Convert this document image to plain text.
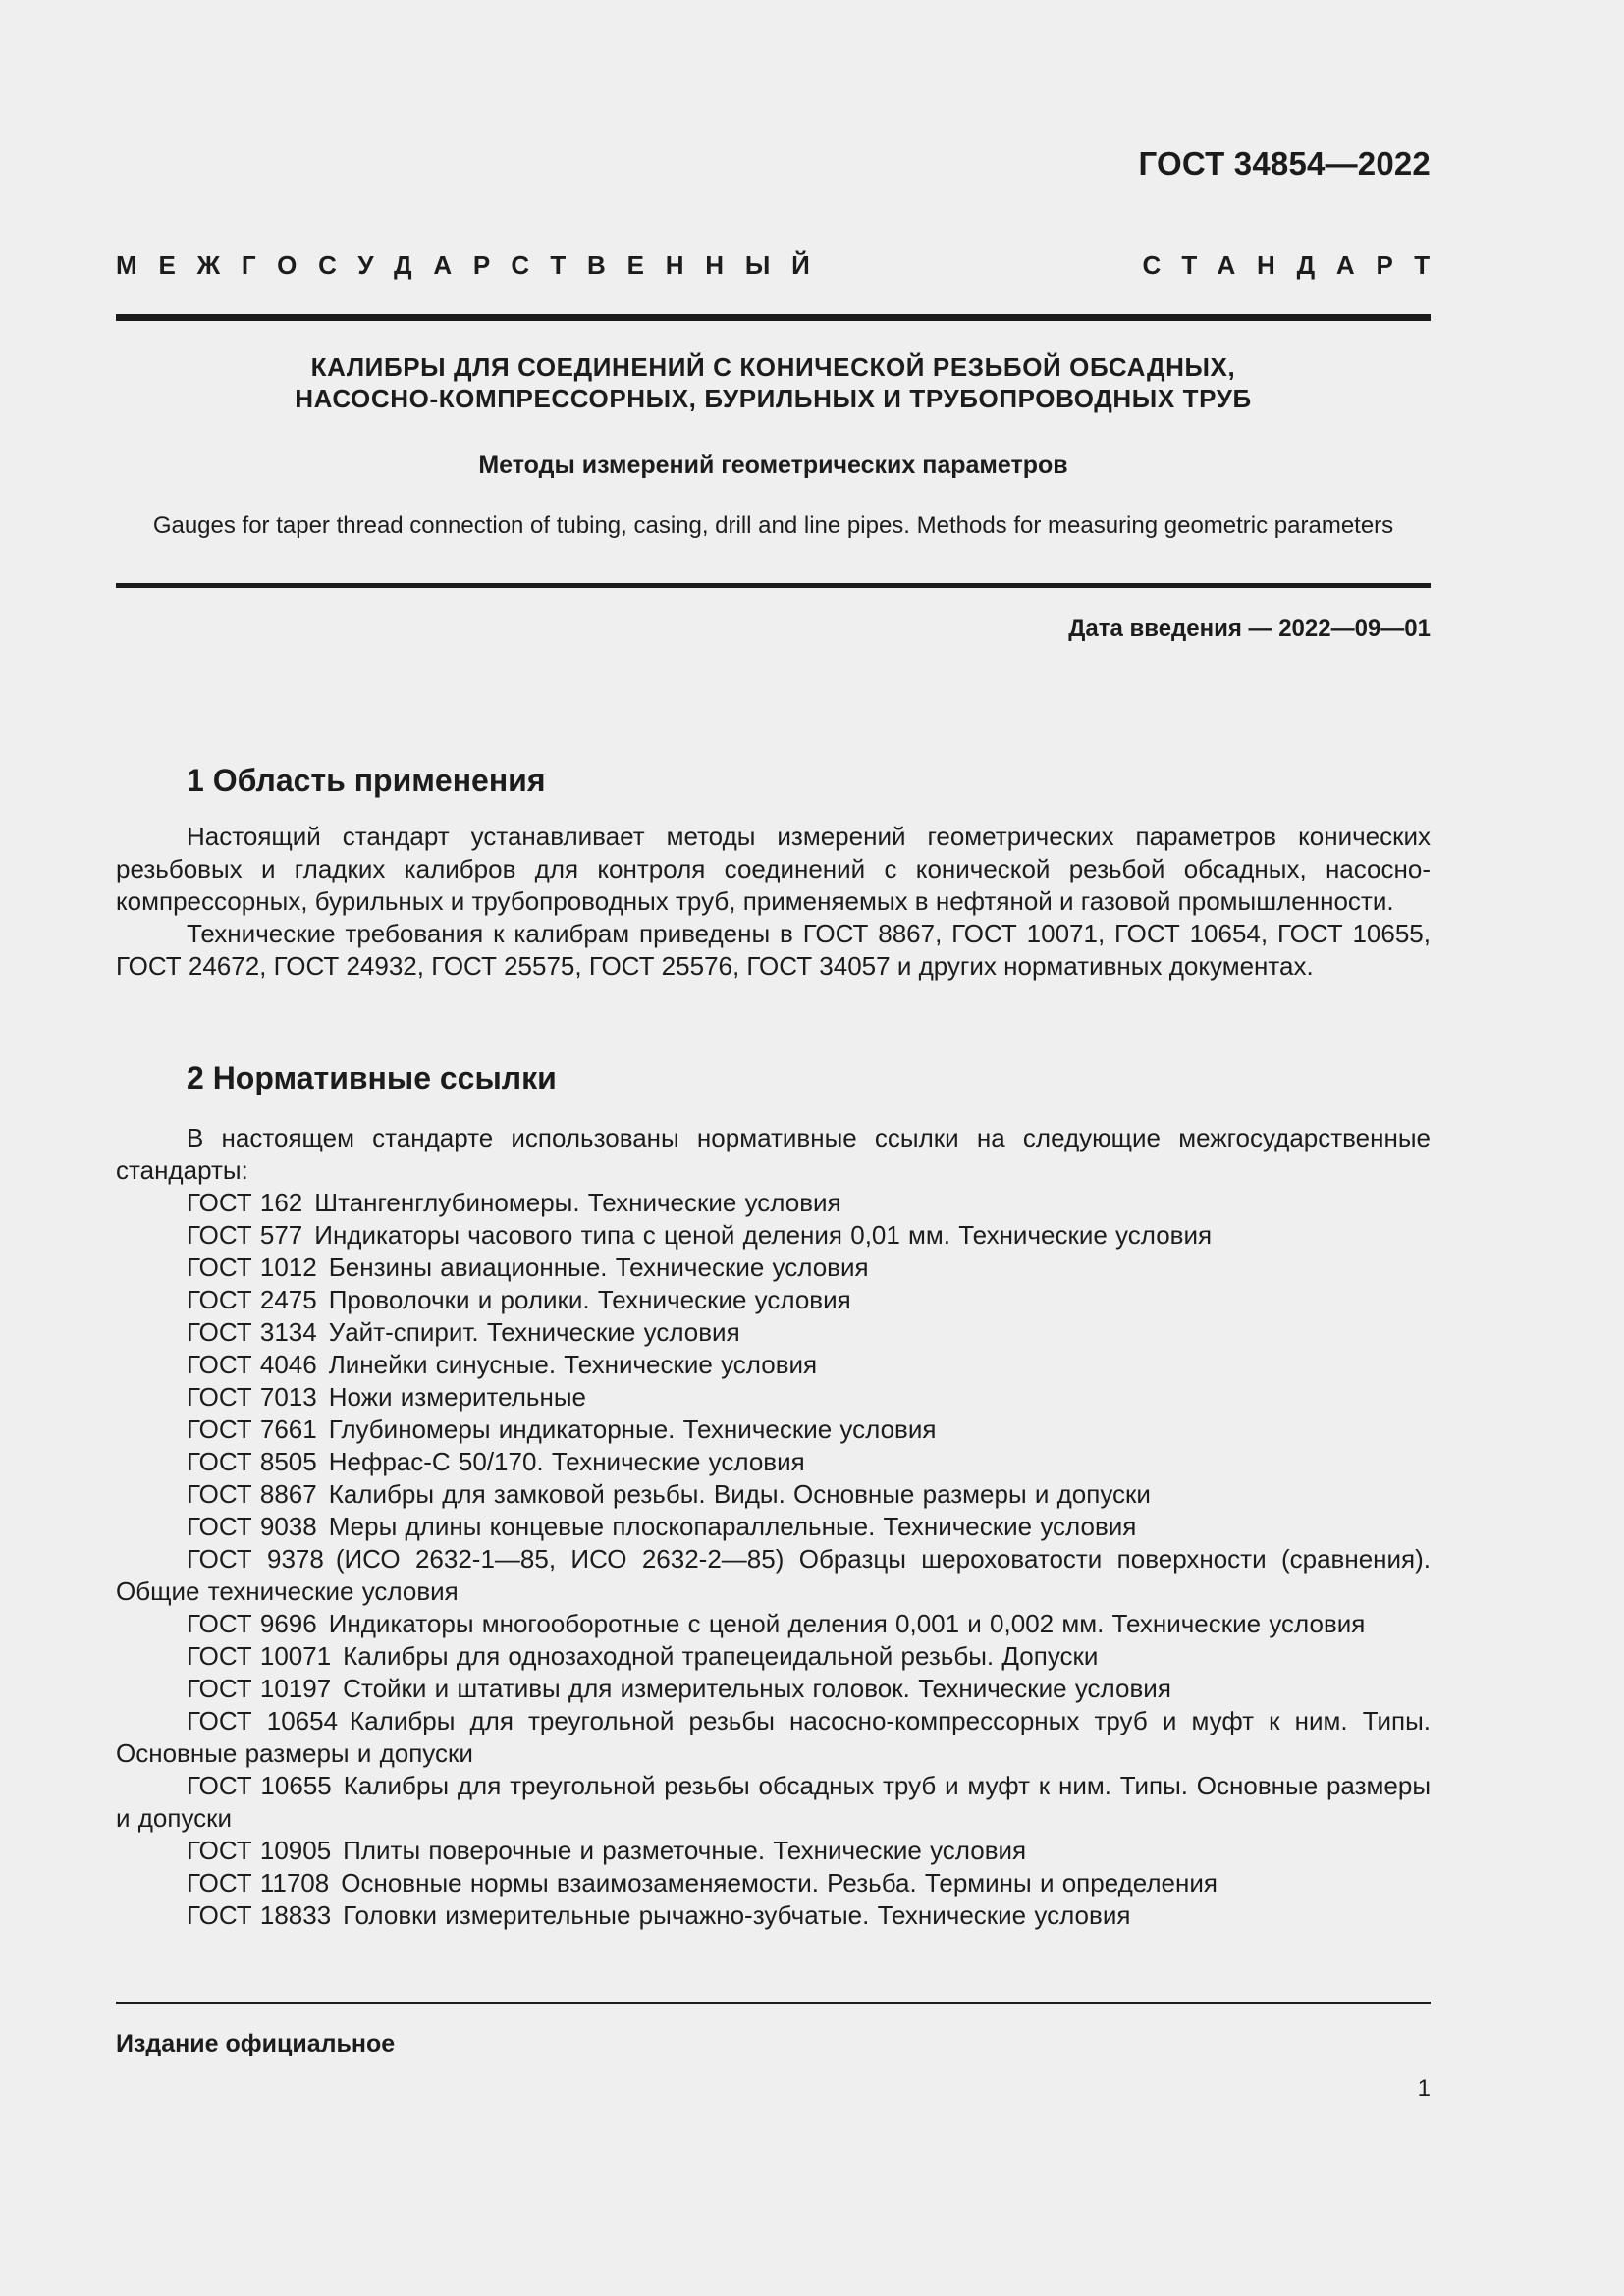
ГОСТ 34854—2022
МЕЖГОСУДАРСТВЕННЫЙ	СТАНДАРТ
КАЛИБРЫ ДЛЯ СОЕДИНЕНИЙ С КОНИЧЕСКОЙ РЕЗЬБОЙ ОБСАДНЫХ,
НАСОСНО-КОМПРЕССОРНЫХ, БУРИЛЬНЫХ И ТРУБОПРОВОДНЫХ ТРУБ
Методы измерений геометрических параметров
Gauges for taper thread connection of tubing, casing, drill and line pipes. Methods for measuring geometric parameters
Дата введения — 2022—09—01
1 Область применения
Настоящий стандарт устанавливает методы измерений геометрических параметров конических резьбовых и гладких калибров для контроля соединений с конической резьбой обсадных, насосно-компрессорных, бурильных и трубопроводных труб, применяемых в нефтяной и газовой промышленности.
Технические требования к калибрам приведены в ГОСТ 8867, ГОСТ 10071, ГОСТ 10654, ГОСТ 10655, ГОСТ 24672, ГОСТ 24932, ГОСТ 25575, ГОСТ 25576, ГОСТ 34057 и других нормативных документах.
2 Нормативные ссылки
В настоящем стандарте использованы нормативные ссылки на следующие межгосударственные стандарты:
ГОСТ 162 Штангенглубиномеры. Технические условия
ГОСТ 577 Индикаторы часового типа с ценой деления 0,01 мм. Технические условия
ГОСТ 1012 Бензины авиационные. Технические условия
ГОСТ 2475 Проволочки и ролики. Технические условия
ГОСТ 3134 Уайт-спирит. Технические условия
ГОСТ 4046 Линейки синусные. Технические условия
ГОСТ 7013 Ножи измерительные
ГОСТ 7661 Глубиномеры индикаторные. Технические условия
ГОСТ 8505 Нефрас-С 50/170. Технические условия
ГОСТ 8867 Калибры для замковой резьбы. Виды. Основные размеры и допуски
ГОСТ 9038 Меры длины концевые плоскопараллельные. Технические условия
ГОСТ 9378 (ИСО 2632-1—85, ИСО 2632-2—85) Образцы шероховатости поверхности (сравнения). Общие технические условия
ГОСТ 9696 Индикаторы многооборотные с ценой деления 0,001 и 0,002 мм. Технические условия
ГОСТ 10071 Калибры для однозаходной трапецеидальной резьбы. Допуски
ГОСТ 10197 Стойки и штативы для измерительных головок. Технические условия
ГОСТ 10654 Калибры для треугольной резьбы насосно-компрессорных труб и муфт к ним. Типы. Основные размеры и допуски
ГОСТ 10655 Калибры для треугольной резьбы обсадных труб и муфт к ним. Типы. Основные размеры и допуски
ГОСТ 10905 Плиты поверочные и разметочные. Технические условия
ГОСТ 11708 Основные нормы взаимозаменяемости. Резьба. Термины и определения
ГОСТ 18833 Головки измерительные рычажно-зубчатые. Технические условия
Издание официальное
1
